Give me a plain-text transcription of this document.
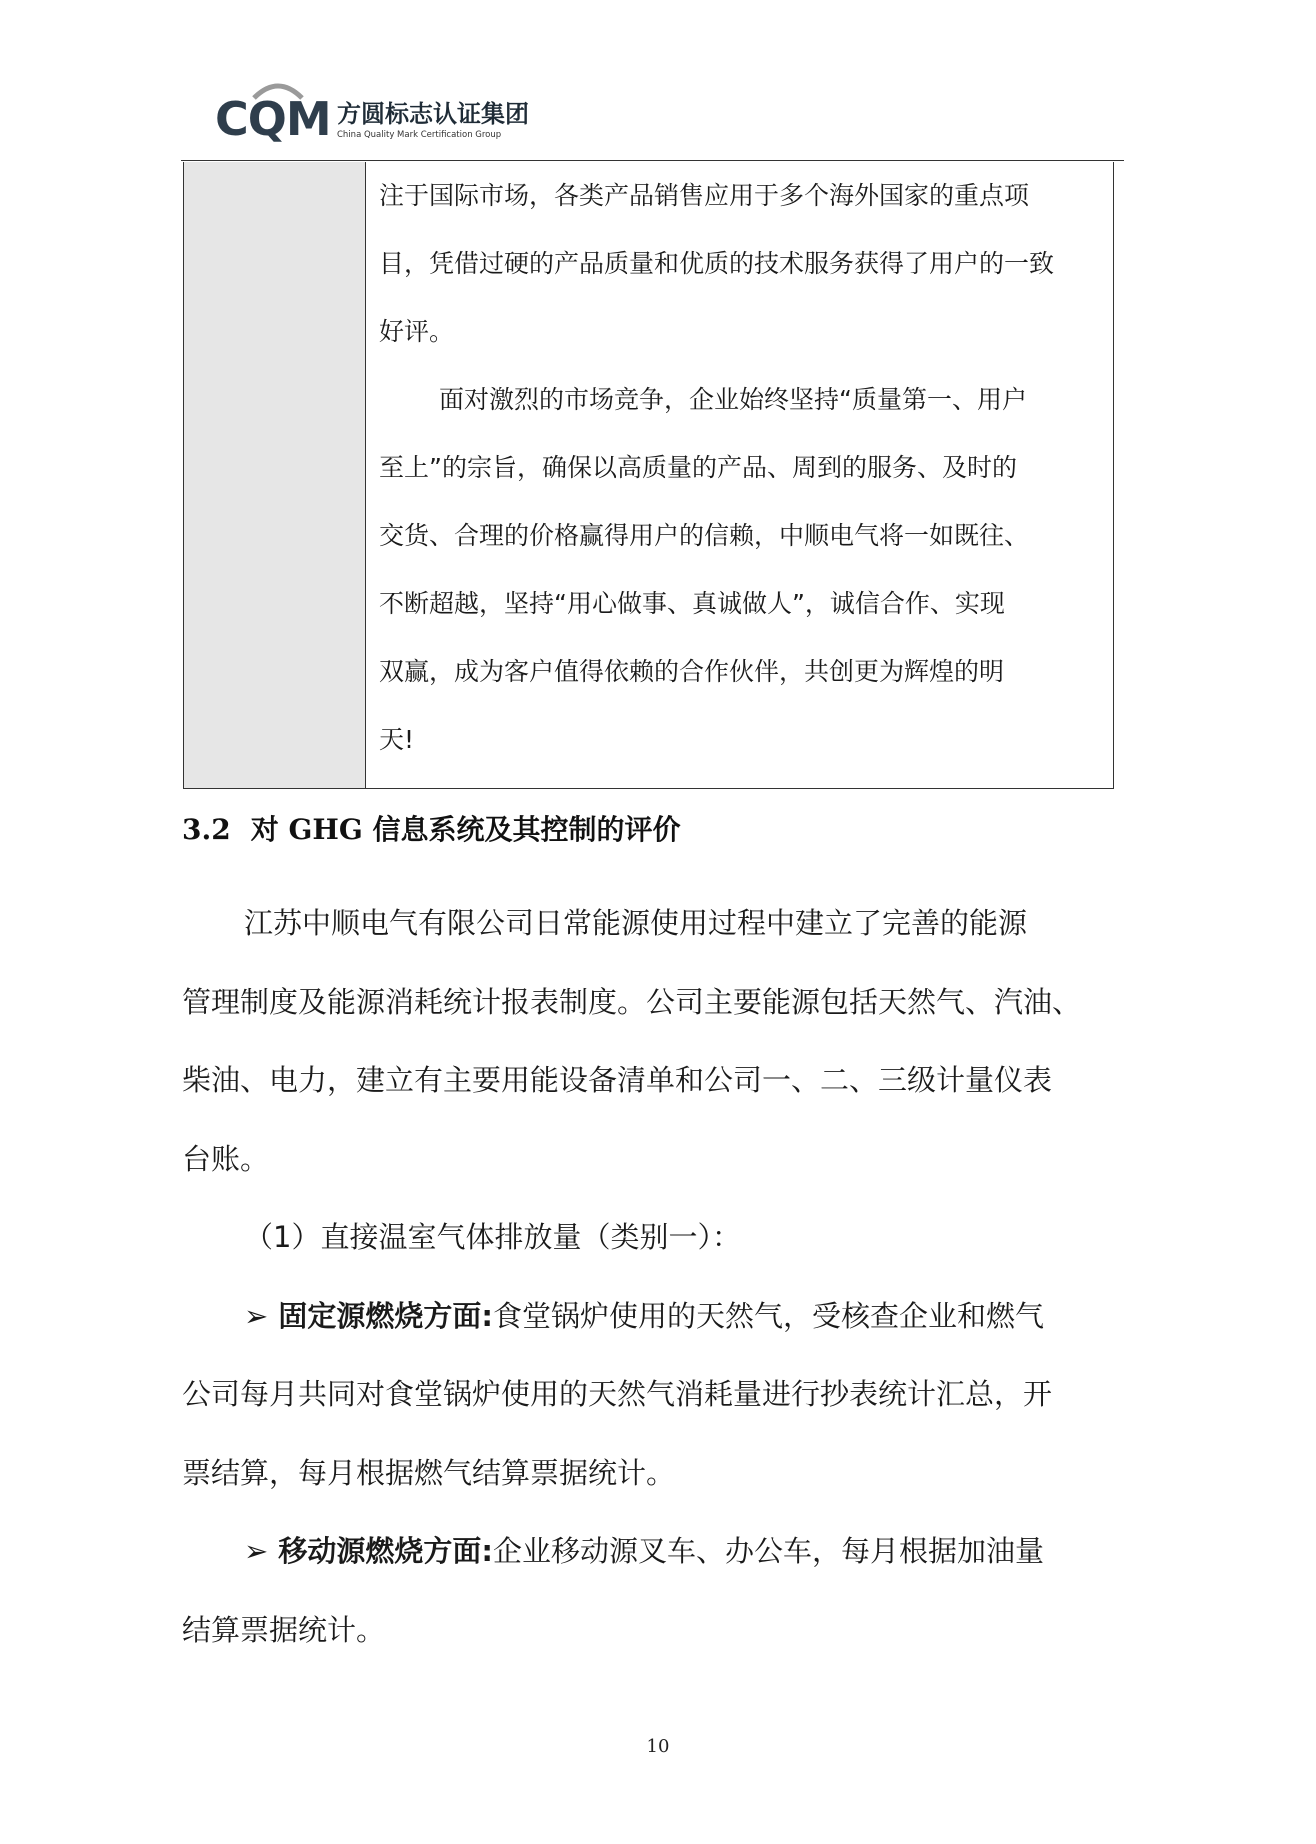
CQM 方圆标志认证集团
China Quality Mark Certification Group

注于国际市场，各类产品销售应用于多个海外国家的重点项

目，凭借过硬的产品质量和优质的技术服务获得了用户的一致

好评。

面对激烈的市场竞争，企业始终坚持“质量第一、用户

至上”的宗旨，确保以高质量的产品、周到的服务、及时的

交货、合理的价格赢得用户的信赖，中顺电气将一如既往、

不断超越，坚持“用心做事、真诚做人”，诚信合作、实现

双赢，成为客户值得依赖的合作伙伴，共创更为辉煌的明

天!

3.2 对 GHG 信息系统及其控制的评价

江苏中顺电气有限公司日常能源使用过程中建立了完善的能源

管理制度及能源消耗统计报表制度。公司主要能源包括天然气、汽油、

柴油、电力，建立有主要用能设备清单和公司一、二、三级计量仪表

台账。

（1）直接温室气体排放量（类别一）：

➢ 固定源燃烧方面:食堂锅炉使用的天然气，受核查企业和燃气

公司每月共同对食堂锅炉使用的天然气消耗量进行抄表统计汇总，开

票结算，每月根据燃气结算票据统计。

➢ 移动源燃烧方面:企业移动源叉车、办公车，每月根据加油量

结算票据统计。

10
